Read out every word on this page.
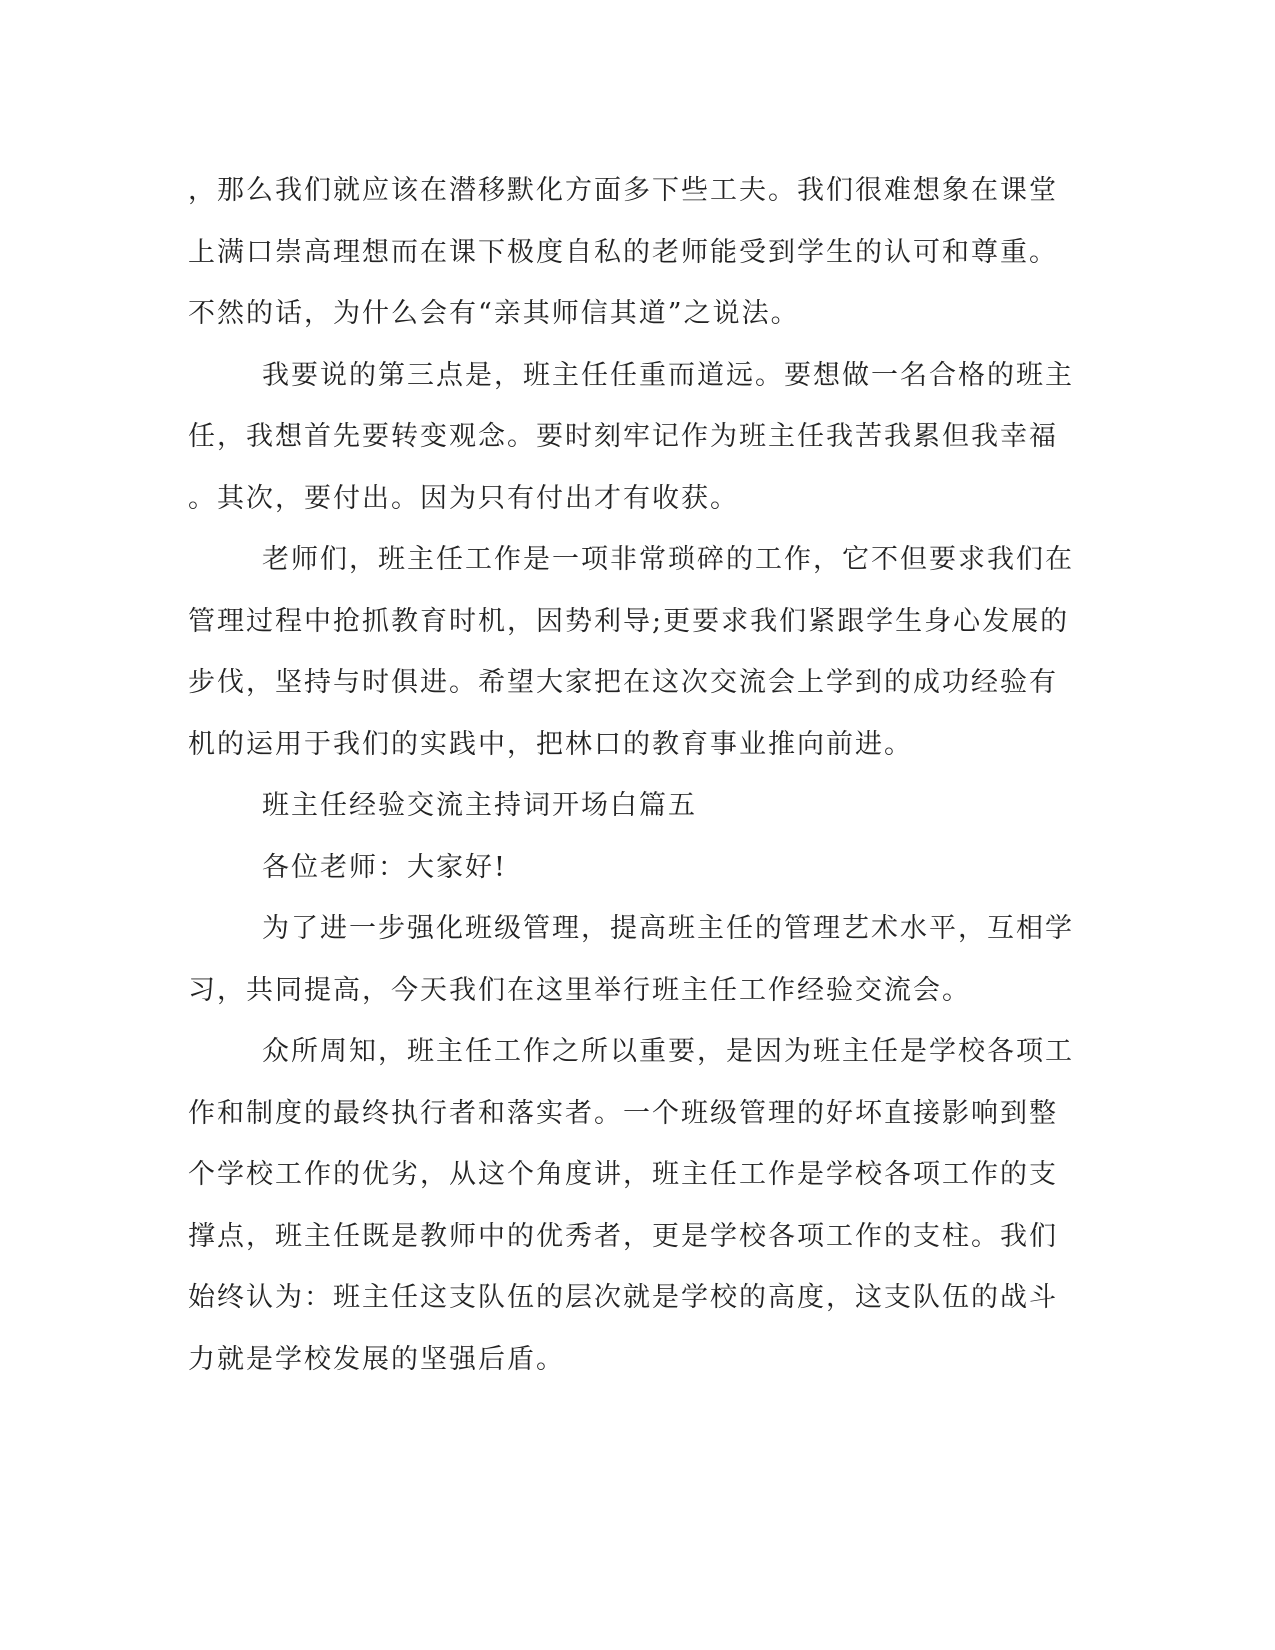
，那么我们就应该在潜移默化方面多下些工夫。我们很难想象在课堂
上满口崇高理想而在课下极度自私的老师能受到学生的认可和尊重。
不然的话，为什么会有“亲其师信其道”之说法。

我要说的第三点是，班主任任重而道远。要想做一名合格的班主
任，我想首先要转变观念。要时刻牢记作为班主任我苦我累但我幸福
。其次，要付出。因为只有付出才有收获。

老师们，班主任工作是一项非常琐碎的工作，它不但要求我们在
管理过程中抢抓教育时机，因势利导;更要求我们紧跟学生身心发展的
步伐，坚持与时俱进。希望大家把在这次交流会上学到的成功经验有
机的运用于我们的实践中，把林口的教育事业推向前进。

班主任经验交流主持词开场白篇五

各位老师：大家好!

为了进一步强化班级管理，提高班主任的管理艺术水平，互相学
习，共同提高，今天我们在这里举行班主任工作经验交流会。

众所周知，班主任工作之所以重要，是因为班主任是学校各项工
作和制度的最终执行者和落实者。一个班级管理的好坏直接影响到整
个学校工作的优劣，从这个角度讲，班主任工作是学校各项工作的支
撑点，班主任既是教师中的优秀者，更是学校各项工作的支柱。我们
始终认为：班主任这支队伍的层次就是学校的高度，这支队伍的战斗
力就是学校发展的坚强后盾。
